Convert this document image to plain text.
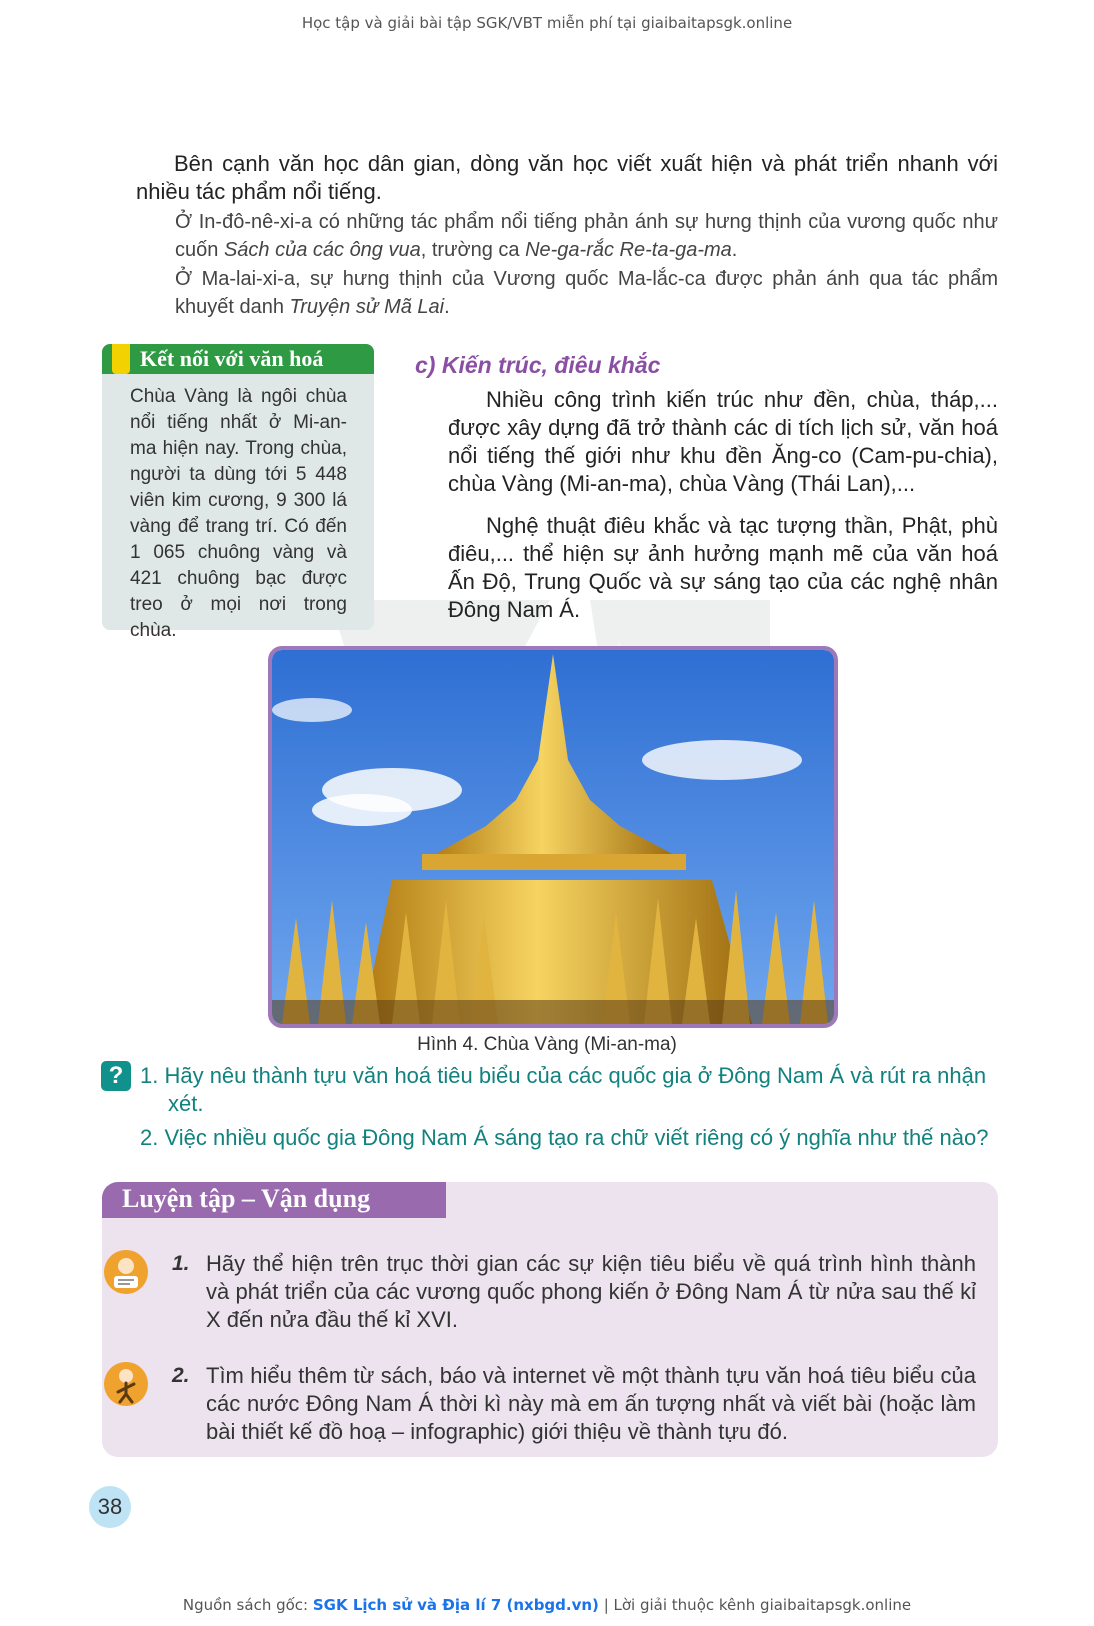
Học tập và giải bài tập SGK/VBT miễn phí tại giaibaitapsgk.online
Bên cạnh văn học dân gian, dòng văn học viết xuất hiện và phát triển nhanh với nhiều tác phẩm nổi tiếng.
Ở In-đô-nê-xi-a có những tác phẩm nổi tiếng phản ánh sự hưng thịnh của vương quốc như cuốn Sách của các ông vua, trường ca Ne-ga-rắc Re-ta-ga-ma.
Ở Ma-lai-xi-a, sự hưng thịnh của Vương quốc Ma-lắc-ca được phản ánh qua tác phẩm khuyết danh Truyện sử Mã Lai.
Kết nối với văn hoá
Chùa Vàng là ngôi chùa nổi tiếng nhất ở Mi-an-ma hiện nay. Trong chùa, người ta dùng tới 5 448 viên kim cương, 9 300 lá vàng để trang trí. Có đến 1 065 chuông vàng và 421 chuông bạc được treo ở mọi nơi trong chùa.
c) Kiến trúc, điêu khắc
Nhiều công trình kiến trúc như đền, chùa, tháp,... được xây dựng đã trở thành các di tích lịch sử, văn hoá nổi tiếng thế giới như khu đền Ăng-co (Cam-pu-chia), chùa Vàng (Mi-an-ma), chùa Vàng (Thái Lan),...
Nghệ thuật điêu khắc và tạc tượng thần, Phật, phù điêu,... thể hiện sự ảnh hưởng mạnh mẽ của văn hoá Ấn Độ, Trung Quốc và sự sáng tạo của các nghệ nhân Đông Nam Á.
Hình 4. Chùa Vàng (Mi-an-ma)
? 1. Hãy nêu thành tựu văn hoá tiêu biểu của các quốc gia ở Đông Nam Á và rút ra nhận xét.
2. Việc nhiều quốc gia Đông Nam Á sáng tạo ra chữ viết riêng có ý nghĩa như thế nào?
Luyện tập – Vận dụng
1. Hãy thể hiện trên trục thời gian các sự kiện tiêu biểu về quá trình hình thành và phát triển của các vương quốc phong kiến ở Đông Nam Á từ nửa sau thế kỉ X đến nửa đầu thế kỉ XVI.
2. Tìm hiểu thêm từ sách, báo và internet về một thành tựu văn hoá tiêu biểu của các nước Đông Nam Á thời kì này mà em ấn tượng nhất và viết bài (hoặc làm bài thiết kế đồ hoạ – infographic) giới thiệu về thành tựu đó.
38
Nguồn sách gốc: SGK Lịch sử và Địa lí 7 (nxbgd.vn) | Lời giải thuộc kênh giaibaitapsgk.online
